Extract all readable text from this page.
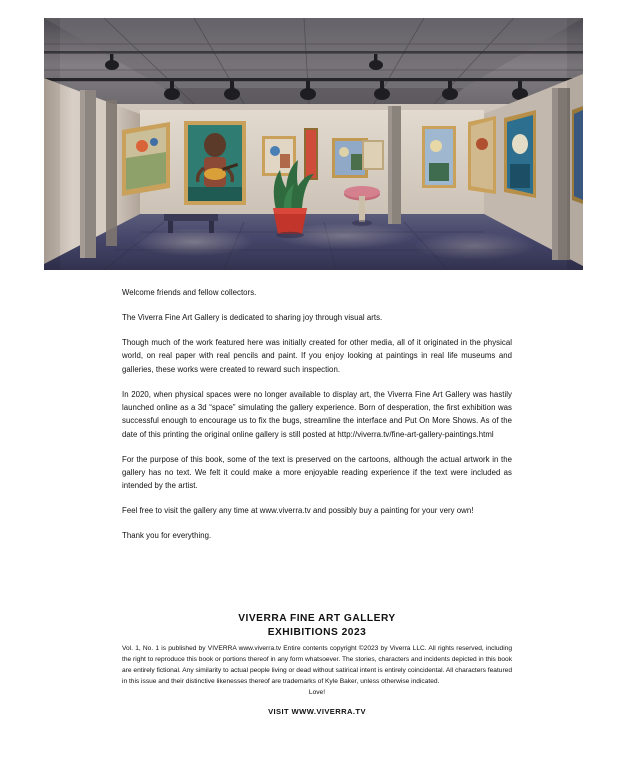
Welcome friends and fellow collectors.

The Viverra Fine Art Gallery is dedicated to sharing joy through visual arts.

Though much of the work featured here was initially created for other media, all of it originated in the physical world, on real paper with real pencils and paint. If you enjoy looking at paintings in real life museums and galleries, these works were created to reward such inspection.

In 2020, when physical spaces were no longer available to display art, the Viverra Fine Art Gallery was hastily launched online as a 3d “space” simulating the gallery experience. Born of desperation, the first exhibition was successful enough to encourage us to fix the bugs, streamline the interface and Put On More Shows. As of the date of this printing the original online gallery is still posted at http://viverra.tv/fine-art-gallery-paintings.html

For the purpose of this book, some of the text is preserved on the cartoons, although the actual artwork in the gallery has no text. We felt it could make a more enjoyable reading experience if the text were included as intended by the artist.

Feel free to visit the gallery any time at www.viverra.tv and possibly buy a painting for your very own!

Thank you for everything.

VIVERRA FINE ART GALLERY
EXHIBITIONS 2023
Vol. 1, No. 1 is published by VIVERRA www.viverra.tv Entire contents copyright ©2023 by Viverra LLC. All rights reserved, including the right to reproduce this book or portions thereof in any form whatsoever. The stories, characters and incidents depicted in this book are entirely fictional. Any similarity to actual people living or dead without satirical intent is entirely coincidental. All characters featured in this issue and their distinctive likenesses thereof are trademarks of Kyle Baker, unless otherwise indicated.
Love!
VISIT WWW.VIVERRA.TV
